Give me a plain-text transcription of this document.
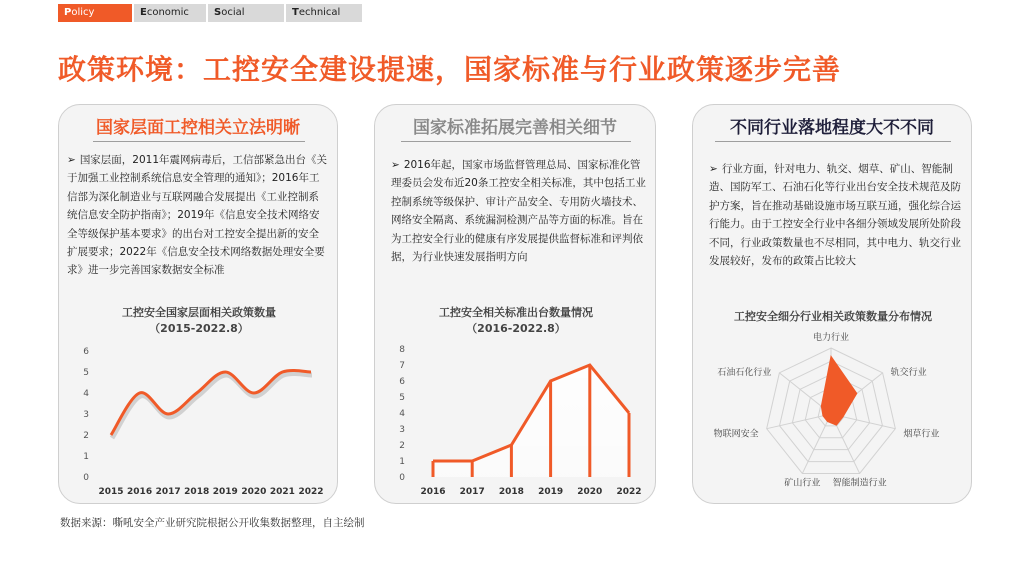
Policy	Economic	Social	Technical
政策环境：工控安全建设提速，国家标准与行业政策逐步完善
国家层面工控相关立法明晰
➢ 国家层面，2011年震网病毒后，工信部紧急出台《关于加强工业控制系统信息安全管理的通知》；2016年工信部为深化制造业与互联网融合发展提出《工业控制系统信息安全防护指南》；2019年《信息安全技术网络安全等级保护基本要求》的出台对工控安全提出新的安全扩展要求；2022年《信息安全技术网络数据处理安全要求》进一步完善国家数据安全标准
工控安全国家层面相关政策数量
（2015-2022.8）
0
1
2
3
4
5
6
2015 2016 2017 2018 2019 2020 2021 2022
国家标准拓展完善相关细节
➢ 2016年起，国家市场监督管理总局、国家标准化管理委员会发布近20条工控安全相关标准，其中包括工业控制系统等级保护、审计产品安全、专用防火墙技术、网络安全隔离、系统漏洞检测产品等方面的标准。旨在为工控安全行业的健康有序发展提供监督标准和评判依据，为行业快速发展指明方向
工控安全相关标准出台数量情况
（2016-2022.8）
0
1
2
3
4
5
6
7
8
2016 2017 2018 2019 2020 2022
不同行业落地程度大不不同
➢ 行业方面，针对电力、轨交、烟草、矿山、智能制造、国防军工、石油石化等行业出台安全技术规范及防护方案，旨在推动基础设施市场互联互通，强化综合运行能力。由于工控安全行业中各细分领域发展所处阶段不同，行业政策数量也不尽相同，其中电力、轨交行业发展较好，发布的政策占比较大
工控安全细分行业相关政策数量分布情况
电力行业
轨交行业
烟草行业
智能制造行业
矿山行业
物联网安全
石油石化行业
数据来源：嘶吼安全产业研究院根据公开收集数据整理，自主绘制
